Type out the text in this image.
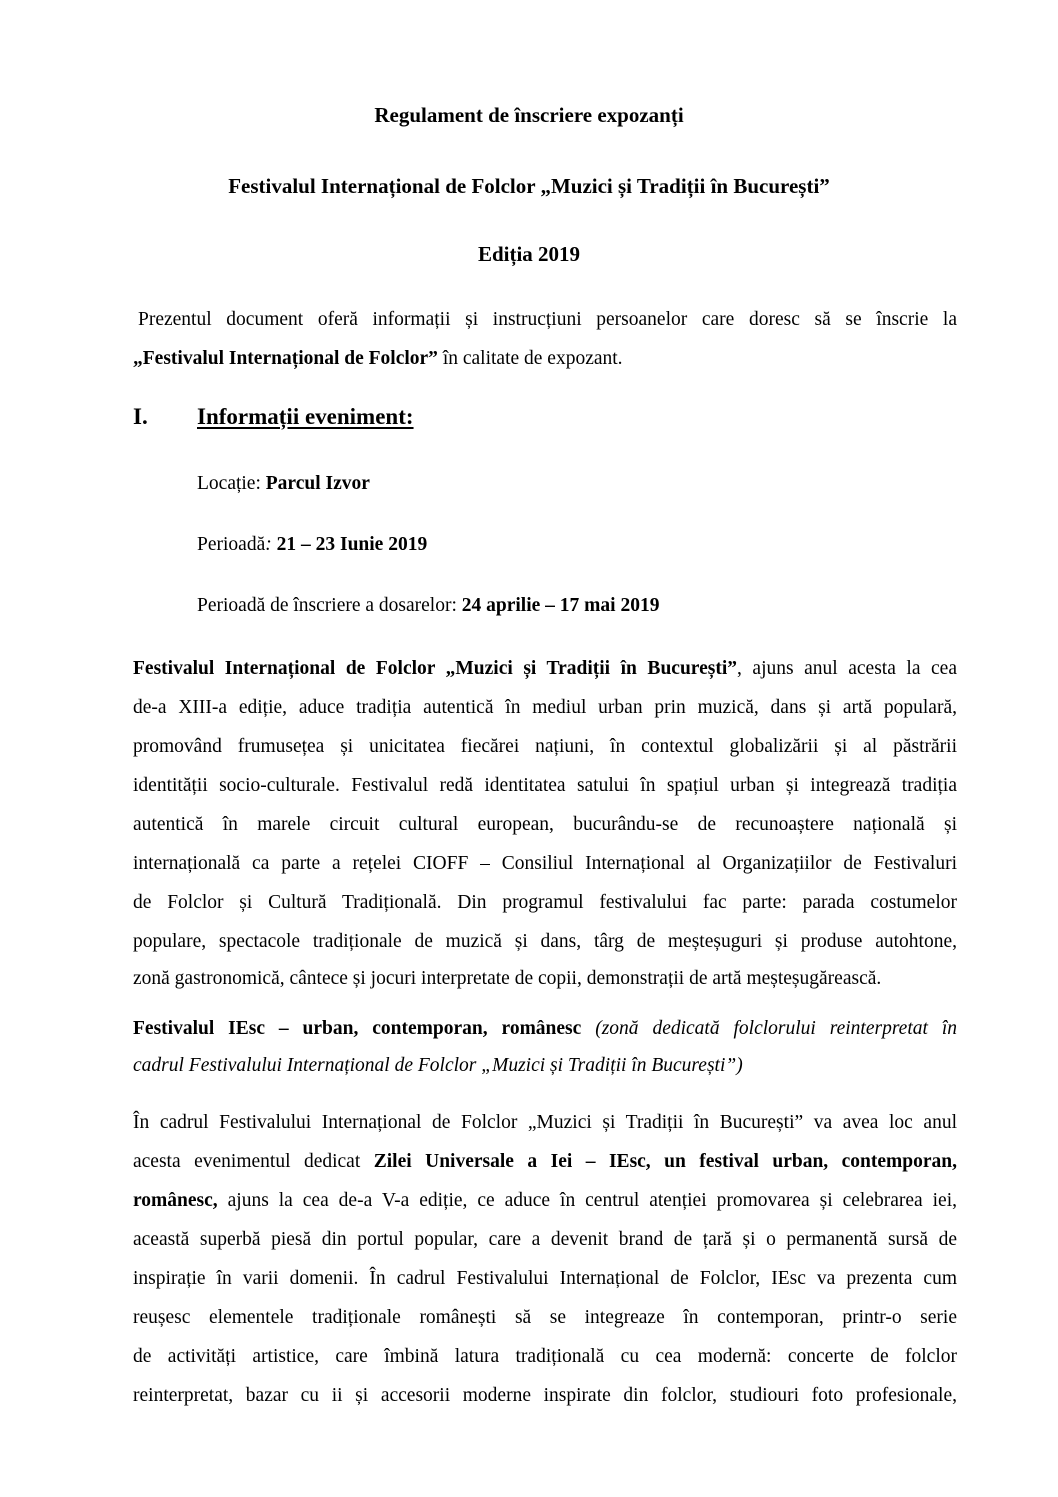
Regulament de înscriere expozanți
Festivalul Internațional de Folclor „Muzici și Tradiții în București”
Ediția 2019
Prezentul document oferă informații și instrucțiuni persoanelor care doresc să se înscrie la
„Festivalul Internațional de Folclor” în calitate de expozant.
I. Informații eveniment:
Locație: Parcul Izvor
Perioadă: 21 – 23 Iunie 2019
Perioadă de înscriere a dosarelor: 24 aprilie – 17 mai 2019
Festivalul Internațional de Folclor „Muzici și Tradiții în București”, ajuns anul acesta la cea
de-a XIII-a ediție, aduce tradiția autentică în mediul urban prin muzică, dans și artă populară,
promovând frumusețea și unicitatea fiecărei națiuni, în contextul globalizării și al păstrării
identității socio-culturale. Festivalul redă identitatea satului în spațiul urban și integrează tradiția
autentică în marele circuit cultural european, bucurându-se de recunoaștere națională și
internațională ca parte a rețelei CIOFF – Consiliul Internațional al Organizațiilor de Festivaluri
de Folclor și Cultură Tradițională. Din programul festivalului fac parte: parada costumelor
populare, spectacole tradiționale de muzică și dans, târg de meșteșuguri și produse autohtone,
zonă gastronomică, cântece și jocuri interpretate de copii, demonstrații de artă meșteșugărească.
Festivalul IEsc – urban, contemporan, românesc (zonă dedicată folclorului reinterpretat în
cadrul Festivalului Internațional de Folclor „Muzici și Tradiții în București”)
În cadrul Festivalului Internațional de Folclor „Muzici și Tradiții în București” va avea loc anul
acesta evenimentul dedicat Zilei Universale a Iei – IEsc, un festival urban, contemporan,
românesc, ajuns la cea de-a V-a ediție, ce aduce în centrul atenției promovarea și celebrarea iei,
această superbă piesă din portul popular, care a devenit brand de țară și o permanentă sursă de
inspirație în varii domenii. În cadrul Festivalului Internațional de Folclor, IEsc va prezenta cum
reușesc elementele tradiționale românești să se integreaze în contemporan, printr-o serie
de activități artistice, care îmbină latura tradițională cu cea modernă: concerte de folclor
reinterpretat, bazar cu ii și accesorii moderne inspirate din folclor, studiouri foto profesionale,
